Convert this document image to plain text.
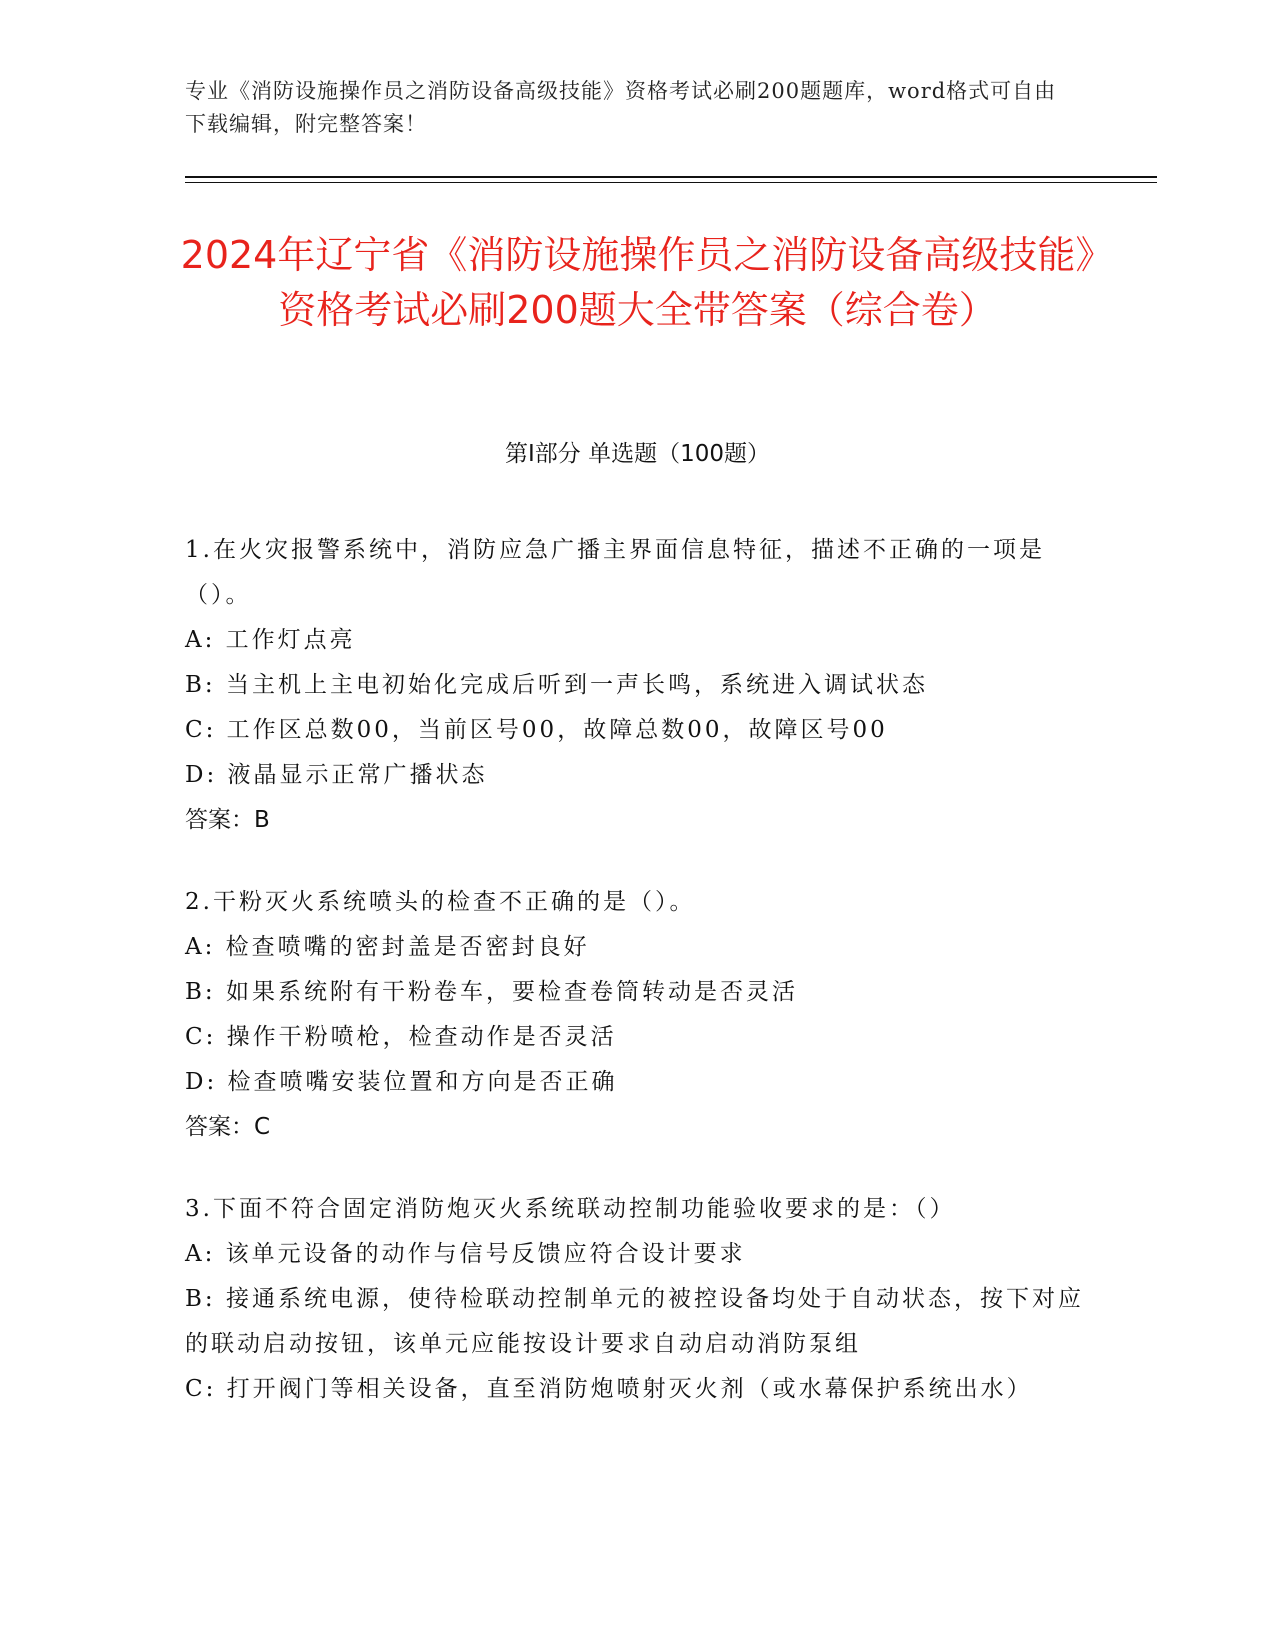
专业《消防设施操作员之消防设备高级技能》资格考试必刷200题题库，word格式可自由下载编辑，附完整答案！
2024年辽宁省《消防设施操作员之消防设备高级技能》资格考试必刷200题大全带答案（综合卷）
第I部分 单选题（100题）
1.在火灾报警系统中，消防应急广播主界面信息特征，描述不正确的一项是（）。
A: 工作灯点亮
B: 当主机上主电初始化完成后听到一声长鸣，系统进入调试状态
C: 工作区总数00，当前区号00，故障总数00，故障区号00
D: 液晶显示正常广播状态
答案：B
2.干粉灭火系统喷头的检查不正确的是（）。
A: 检查喷嘴的密封盖是否密封良好
B: 如果系统附有干粉卷车，要检查卷筒转动是否灵活
C: 操作干粉喷枪，检查动作是否灵活
D: 检查喷嘴安装位置和方向是否正确
答案：C
3.下面不符合固定消防炮灭火系统联动控制功能验收要求的是：（）
A: 该单元设备的动作与信号反馈应符合设计要求
B: 接通系统电源，使待检联动控制单元的被控设备均处于自动状态，按下对应的联动启动按钮，该单元应能按设计要求自动启动消防泵组
C: 打开阀门等相关设备，直至消防炮喷射灭火剂（或水幕保护系统出水）
